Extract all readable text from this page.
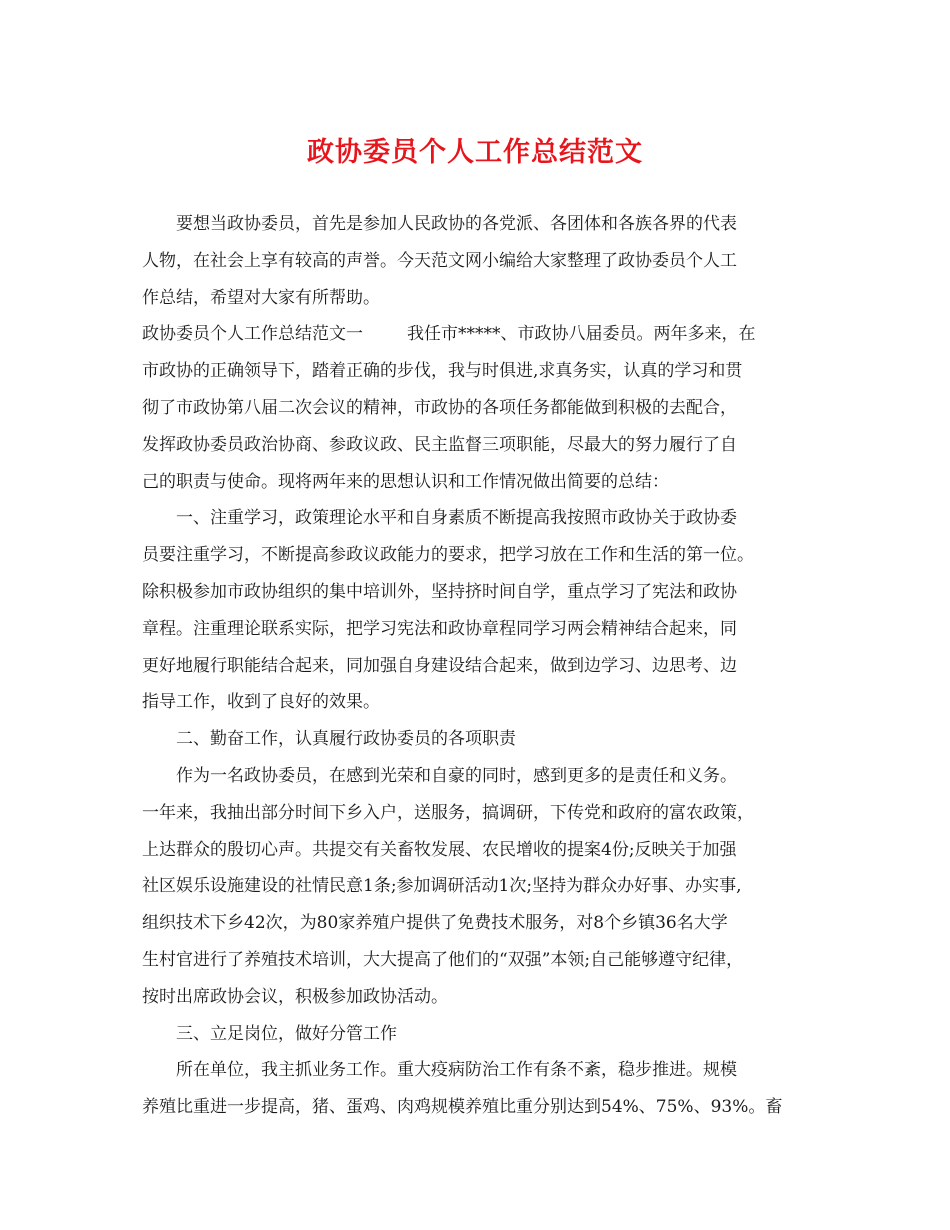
政协委员个人工作总结范文
要想当政协委员，首先是参加人民政协的各党派、各团体和各族各界的代表
人物，在社会上享有较高的声誉。今天范文网小编给大家整理了政协委员个人工
作总结，希望对大家有所帮助。
政协委员个人工作总结范文一	我任市*****、市政协八届委员。两年多来，在
市政协的正确领导下，踏着正确的步伐，我与时俱进,求真务实，认真的学习和贯
彻了市政协第八届二次会议的精神，市政协的各项任务都能做到积极的去配合，
发挥政协委员政治协商、参政议政、民主监督三项职能，尽最大的努力履行了自
己的职责与使命。现将两年来的思想认识和工作情况做出简要的总结：
一、注重学习，政策理论水平和自身素质不断提高我按照市政协关于政协委
员要注重学习，不断提高参政议政能力的要求，把学习放在工作和生活的第一位。
除积极参加市政协组织的集中培训外，坚持挤时间自学，重点学习了宪法和政协
章程。注重理论联系实际，把学习宪法和政协章程同学习两会精神结合起来，同
更好地履行职能结合起来，同加强自身建设结合起来，做到边学习、边思考、边
指导工作，收到了良好的效果。
二、勤奋工作，认真履行政协委员的各项职责
作为一名政协委员，在感到光荣和自豪的同时，感到更多的是责任和义务。
一年来，我抽出部分时间下乡入户，送服务，搞调研，下传党和政府的富农政策，
上达群众的殷切心声。共提交有关畜牧发展、农民增收的提案4份;反映关于加强
社区娱乐设施建设的社情民意1条;参加调研活动1次;坚持为群众办好事、办实事,
组织技术下乡42次，为80家养殖户提供了免费技术服务，对8个乡镇36名大学
生村官进行了养殖技术培训，大大提高了他们的“双强”本领;自己能够遵守纪律，
按时出席政协会议，积极参加政协活动。
三、立足岗位，做好分管工作
所在单位，我主抓业务工作。重大疫病防治工作有条不紊，稳步推进。规模
养殖比重进一步提高，猪、蛋鸡、肉鸡规模养殖比重分别达到54%、75%、93%。畜
